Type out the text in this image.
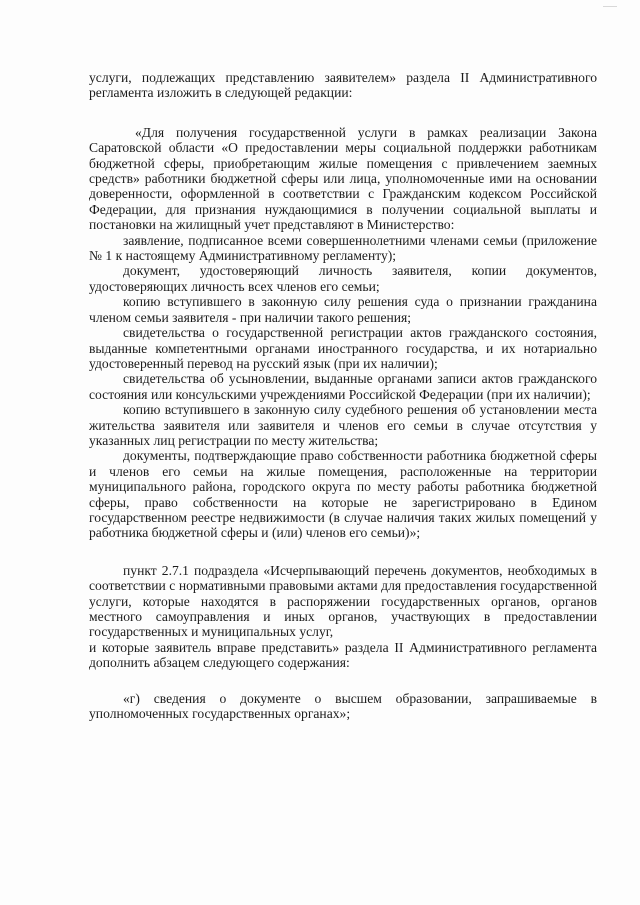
услуги, подлежащих представлению заявителем» раздела II Административного регламента изложить в следующей редакции:

«Для получения государственной услуги в рамках реализации Закона Саратовской области «О предоставлении меры социальной поддержки работникам бюджетной сферы, приобретающим жилые помещения с привлечением заемных средств» работники бюджетной сферы или лица, уполномоченные ими на основании доверенности, оформленной в соответствии с Гражданским кодексом Российской Федерации, для признания нуждающимися в получении социальной выплаты и постановки на жилищный учет представляют в Министерство:

заявление, подписанное всеми совершеннолетними членами семьи (приложение № 1 к настоящему Административному регламенту);

документ, удостоверяющий личность заявителя, копии документов, удостоверяющих личность всех членов его семьи;

копию вступившего в законную силу решения суда о признании гражданина членом семьи заявителя - при наличии такого решения;

свидетельства о государственной регистрации актов гражданского состояния, выданные компетентными органами иностранного государства, и их нотариально удостоверенный перевод на русский язык (при их наличии);

свидетельства об усыновлении, выданные органами записи актов гражданского состояния или консульскими учреждениями Российской Федерации (при их наличии);

копию вступившего в законную силу судебного решения об установлении места жительства заявителя или заявителя и членов его семьи в случае отсутствия у указанных лиц регистрации по месту жительства;

документы, подтверждающие право собственности работника бюджетной сферы и членов его семьи на жилые помещения, расположенные на территории муниципального района, городского округа по месту работы работника бюджетной сферы, право собственности на которые не зарегистрировано в Едином государственном реестре недвижимости (в случае наличия таких жилых помещений у работника бюджетной сферы и (или) членов его семьи)»;

пункт 2.7.1 подраздела «Исчерпывающий перечень документов, необходимых в соответствии с нормативными правовыми актами для предоставления государственной услуги, которые находятся в распоряжении государственных органов, органов местного самоуправления и иных органов, участвующих в предоставлении государственных и муниципальных услуг,

и которые заявитель вправе представить» раздела II Административного регламента дополнить абзацем следующего содержания:

«г) сведения о документе о высшем образовании, запрашиваемые в уполномоченных государственных органах»;
